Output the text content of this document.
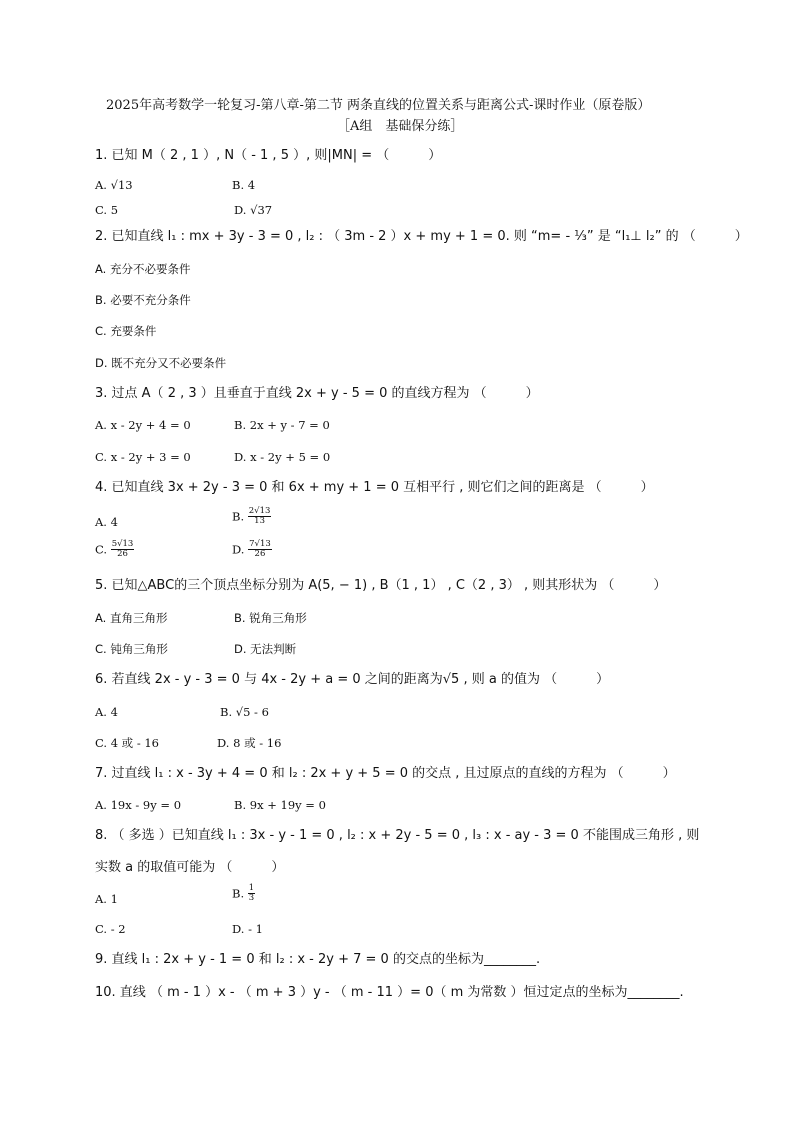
2025年高考数学一轮复习-第八章-第二节 两条直线的位置关系与距离公式-课时作业（原卷版）
［A组　基础保分练］
1. 已知 M（ 2 , 1 ）, N（ - 1 , 5 ）, 则|MN| = （　　　）
A. √13	B. 4
C. 5	D. √37
2. 已知直线 l₁ : mx + 3y - 3 = 0 , l₂ : （ 3m - 2 ）x + my + 1 = 0. 则 “m= - ⅓” 是 “l₁⊥ l₂” 的 （　　　）
A. 充分不必要条件
B. 必要不充分条件
C. 充要条件
D. 既不充分又不必要条件
3. 过点 A（ 2 , 3 ）且垂直于直线 2x + y - 5 = 0 的直线方程为 （　　　）
A. x - 2y + 4 = 0	B. 2x + y - 7 = 0
C. x - 2y + 3 = 0	D. x - 2y + 5 = 0
4. 已知直线 3x + 2y - 3 = 0 和 6x + my + 1 = 0 互相平行 , 则它们之间的距离是 （　　　）
A. 4	B. $\frac{2√13}{13}$
C. $\frac{5√13}{26}$	D. $\frac{7√13}{26}$
5. 已知△ABC的三个顶点坐标分别为 A(5, − 1) , B（1 , 1） , C（2 , 3） , 则其形状为 （　　　）
A. 直角三角形	B. 锐角三角形
C. 钝角三角形	D. 无法判断
6. 若直线 2x - y - 3 = 0 与 4x - 2y + a = 0 之间的距离为√5 , 则 a 的值为 （　　　）
A. 4	B. √5 - 6
C. 4 或 - 16	D. 8 或 - 16
7. 过直线 l₁ : x - 3y + 4 = 0 和 l₂ : 2x + y + 5 = 0 的交点 , 且过原点的直线的方程为 （　　　）
A. 19x - 9y = 0	B. 9x + 19y = 0
8. （ 多选 ）已知直线 l₁ : 3x - y - 1 = 0 , l₂ : x + 2y - 5 = 0 , l₃ : x - ay - 3 = 0 不能围成三角形 , 则
实数 a 的取值可能为 （　　　）
A. 1	B. $\frac{1}{3}$
C. - 2	D. - 1
9. 直线 l₁ : 2x + y - 1 = 0 和 l₂ : x - 2y + 7 = 0 的交点的坐标为________.
10. 直线 （ m - 1 ）x - （ m + 3 ）y - （ m - 11 ）= 0（ m 为常数 ）恒过定点的坐标为________.
